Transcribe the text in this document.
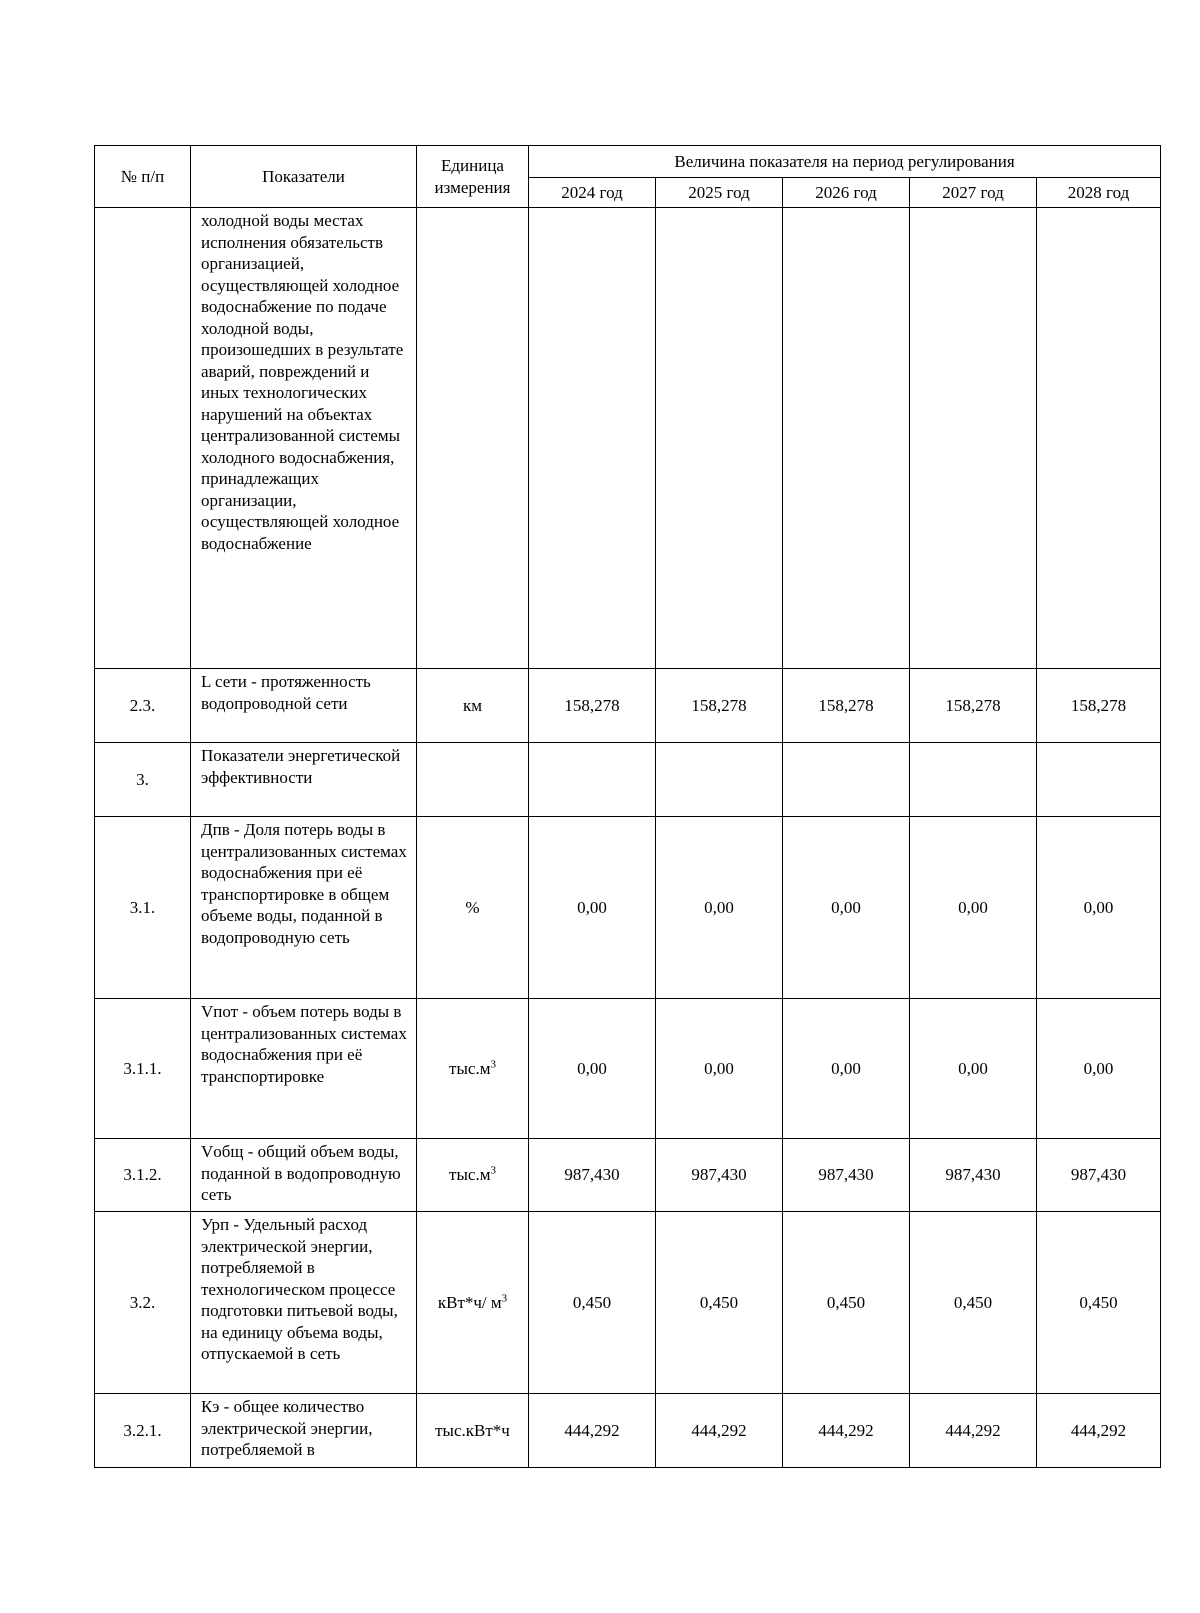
№ п/п	Показатели	Единица измерения	Величина показателя на период регулирования				
			2024 год	2025 год	2026 год	2027 год	2028 год
	холодной воды местах исполнения обязательств организацией, осуществляющей холодное водоснабжение по подаче холодной воды, произошедших в результате аварий, повреждений и иных технологических нарушений на объектах централизованной системы холодного водоснабжения, принадлежащих организации, осуществляющей холодное водоснабжение						
2.3.	L сети - протяженность водопроводной сети	км	158,278	158,278	158,278	158,278	158,278
3.	Показатели энергетической эффективности						
3.1.	Дпв - Доля потерь воды в централизованных системах водоснабжения при её транспортировке в общем объеме воды, поданной в водопроводную сеть	%	0,00	0,00	0,00	0,00	0,00
3.1.1.	Vпот - объем потерь воды в централизованных системах водоснабжения при её транспортировке	$тыс.м^3$	0,00	0,00	0,00	0,00	0,00
3.1.2.	Vобщ - общий объем воды, поданной в водопроводную сеть	$тыс.м^3$	987,430	987,430	987,430	987,430	987,430
3.2.	Урп - Удельный расход электрической энергии, потребляемой в технологическом процессе подготовки питьевой воды, на единицу объема воды, отпускаемой в сеть	кВт*ч/ $м^3$	0,450	0,450	0,450	0,450	0,450
3.2.1.	Кэ - общее количество электрической энергии, потребляемой в	тыс.кВт*ч	444,292	444,292	444,292	444,292	444,292
